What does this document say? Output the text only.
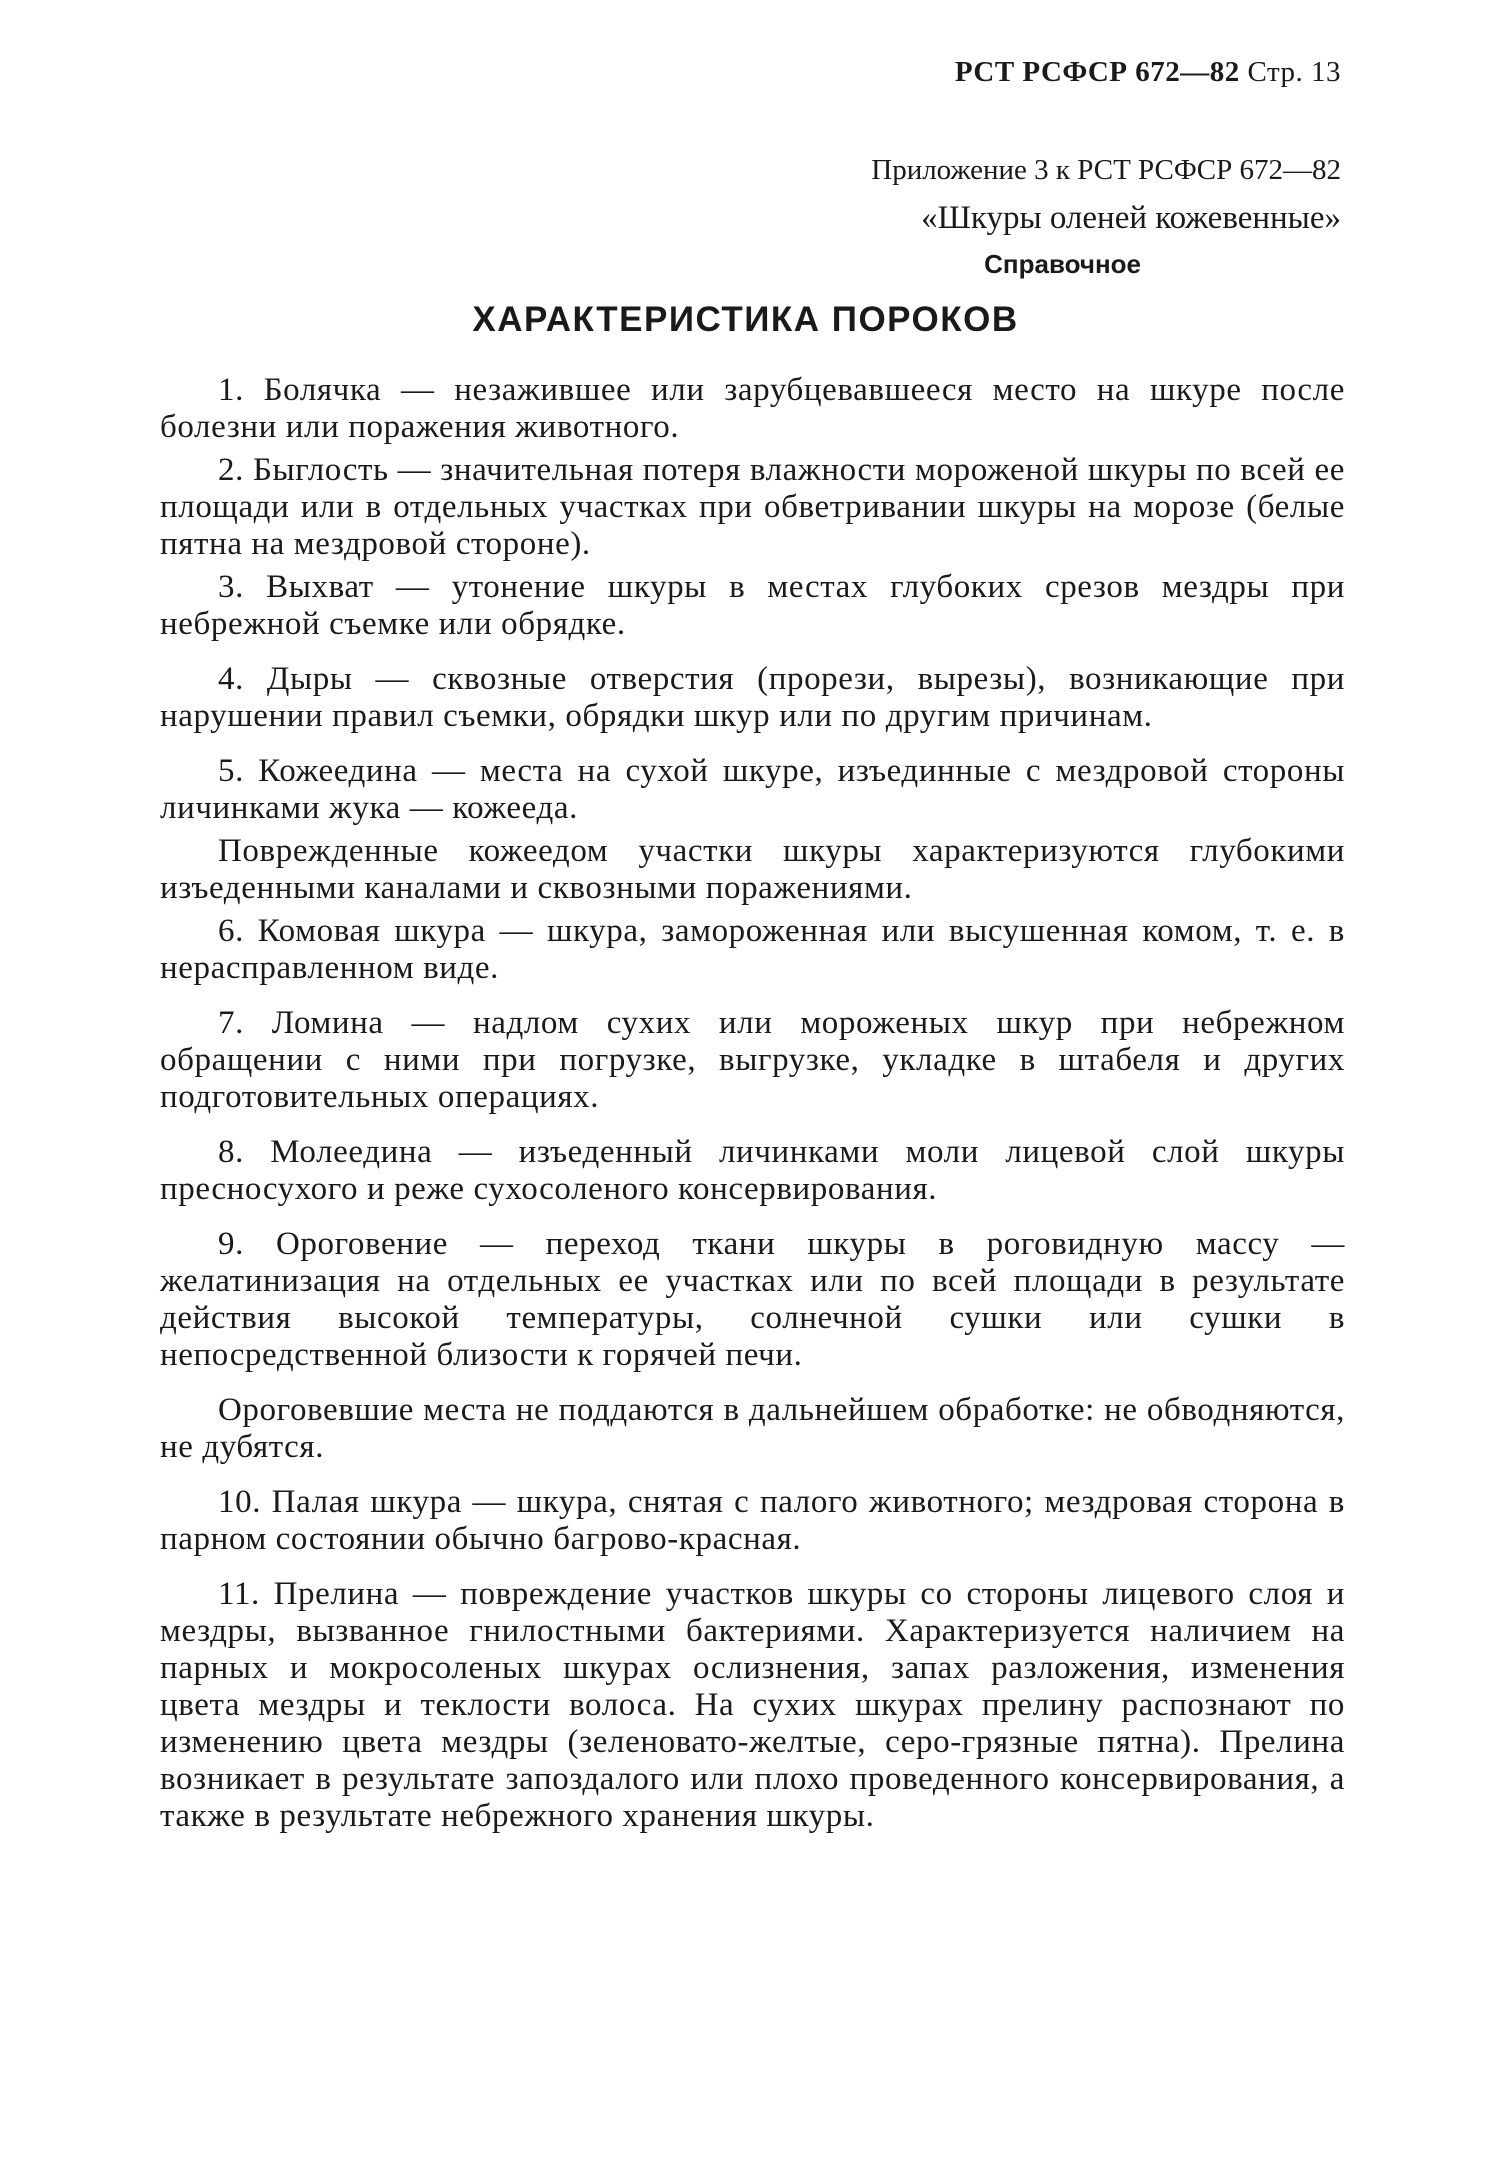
РСТ РСФСР 672—82 Стр. 13
Приложение 3 к РСТ РСФСР 672—82
«Шкуры оленей кожевенные»
Справочное
ХАРАКТЕРИСТИКА ПОРОКОВ

1. Болячка — незажившее или зарубцевавшееся место на шкуре после болезни или поражения животного.

2. Быглость — значительная потеря влажности мороженой шкуры по всей ее площади или в отдельных участках при обветривании шкуры на морозе (белые пятна на мездровой стороне).

3. Выхват — утонение шкуры в местах глубоких срезов мездры при небрежной съемке или обрядке.

4. Дыры — сквозные отверстия (прорези, вырезы), возникающие при нарушении правил съемки, обрядки шкур или по другим причинам.

5. Кожеедина — места на сухой шкуре, изъединные с мездровой стороны личинками жука — кожееда.

Поврежденные кожеедом участки шкуры характеризуются глубокими изъеденными каналами и сквозными поражениями.

6. Комовая шкура — шкура, замороженная или высушенная комом, т. е. в нерасправленном виде.

7. Ломина — надлом сухих или мороженых шкур при небрежном обращении с ними при погрузке, выгрузке, укладке в штабеля и других подготовительных операциях.

8. Молеедина — изъеденный личинками моли лицевой слой шкуры пресносухого и реже сухосоленого консервирования.

9. Ороговение — переход ткани шкуры в роговидную массу — желатинизация на отдельных ее участках или по всей площади в результате действия высокой температуры, солнечной сушки или сушки в непосредственной близости к горячей печи.

Ороговевшие места не поддаются в дальнейшем обработке: не обводняются, не дубятся.

10. Палая шкура — шкура, снятая с палого животного; мездровая сторона в парном состоянии обычно багрово-красная.

11. Прелина — повреждение участков шкуры со стороны лицевого слоя и мездры, вызванное гнилостными бактериями. Характеризуется наличием на парных и мокросоленых шкурах ослизнения, запах разложения, изменения цвета мездры и теклости волоса. На сухих шкурах прелину распознают по изменению цвета мездры (зеленовато-желтые, серо-грязные пятна). Прелина возникает в результате запоздалого или плохо проведенного консервирования, а также в результате небрежного хранения шкуры.
